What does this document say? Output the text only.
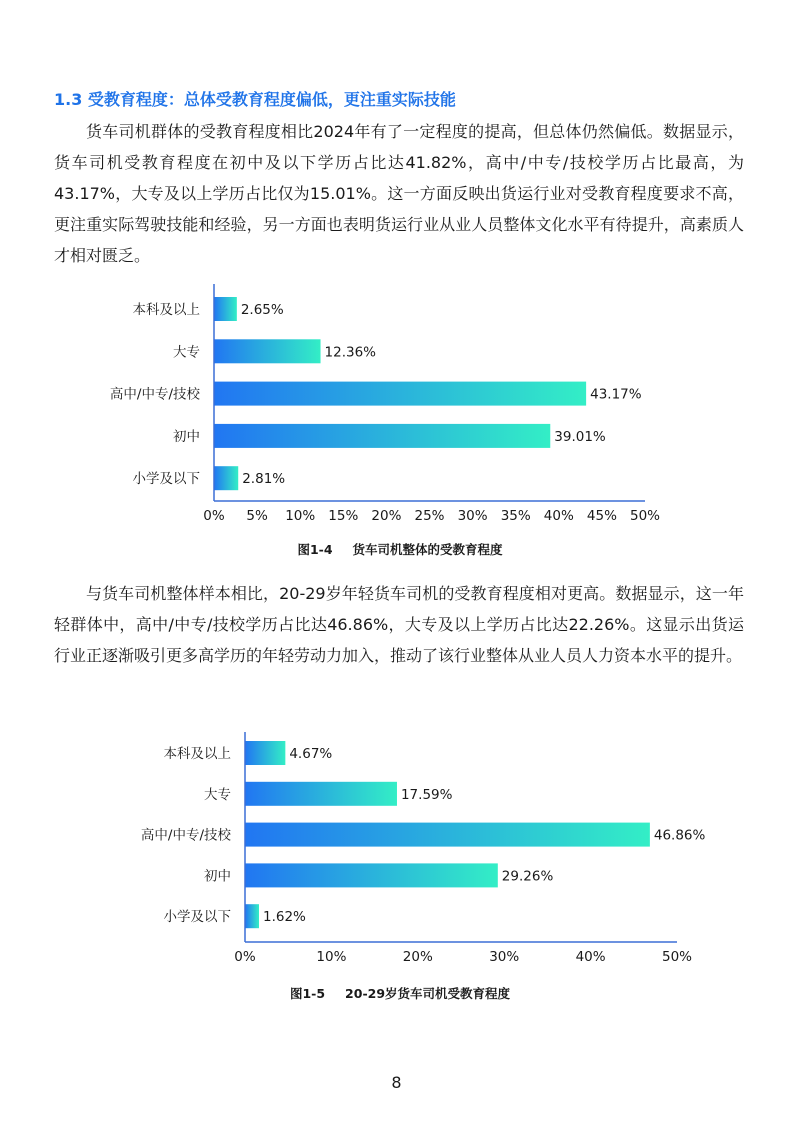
1.3 受教育程度：总体受教育程度偏低，更注重实际技能

货车司机群体的受教育程度相比2024年有了一定程度的提高，但总体仍然偏低。数据显示，货车司机受教育程度在初中及以下学历占比达41.82%，高中/中专/技校学历占比最高，为43.17%，大专及以上学历占比仅为15.01%。这一方面反映出货运行业对受教育程度要求不高，更注重实际驾驶技能和经验，另一方面也表明货运行业从业人员整体文化水平有待提升，高素质人才相对匮乏。

本科及以上	2.65%
大专	12.36%
高中/中专/技校	43.17%
初中	39.01%
小学及以下	2.81%
0% 5% 10% 15% 20% 25% 30% 35% 40% 45% 50%
图1-4 货车司机整体的受教育程度

与货车司机整体样本相比，20-29岁年轻货车司机的受教育程度相对更高。数据显示，这一年轻群体中，高中/中专/技校学历占比达46.86%，大专及以上学历占比达22.26%。这显示出货运行业正逐渐吸引更多高学历的年轻劳动力加入，推动了该行业整体从业人员人力资本水平的提升。

本科及以上	4.67%
大专	17.59%
高中/中专/技校	46.86%
初中	29.26%
小学及以下 1.62%
0%	10%	20%	30%	40%	50%
图1-5 20-29岁货车司机受教育程度
8
